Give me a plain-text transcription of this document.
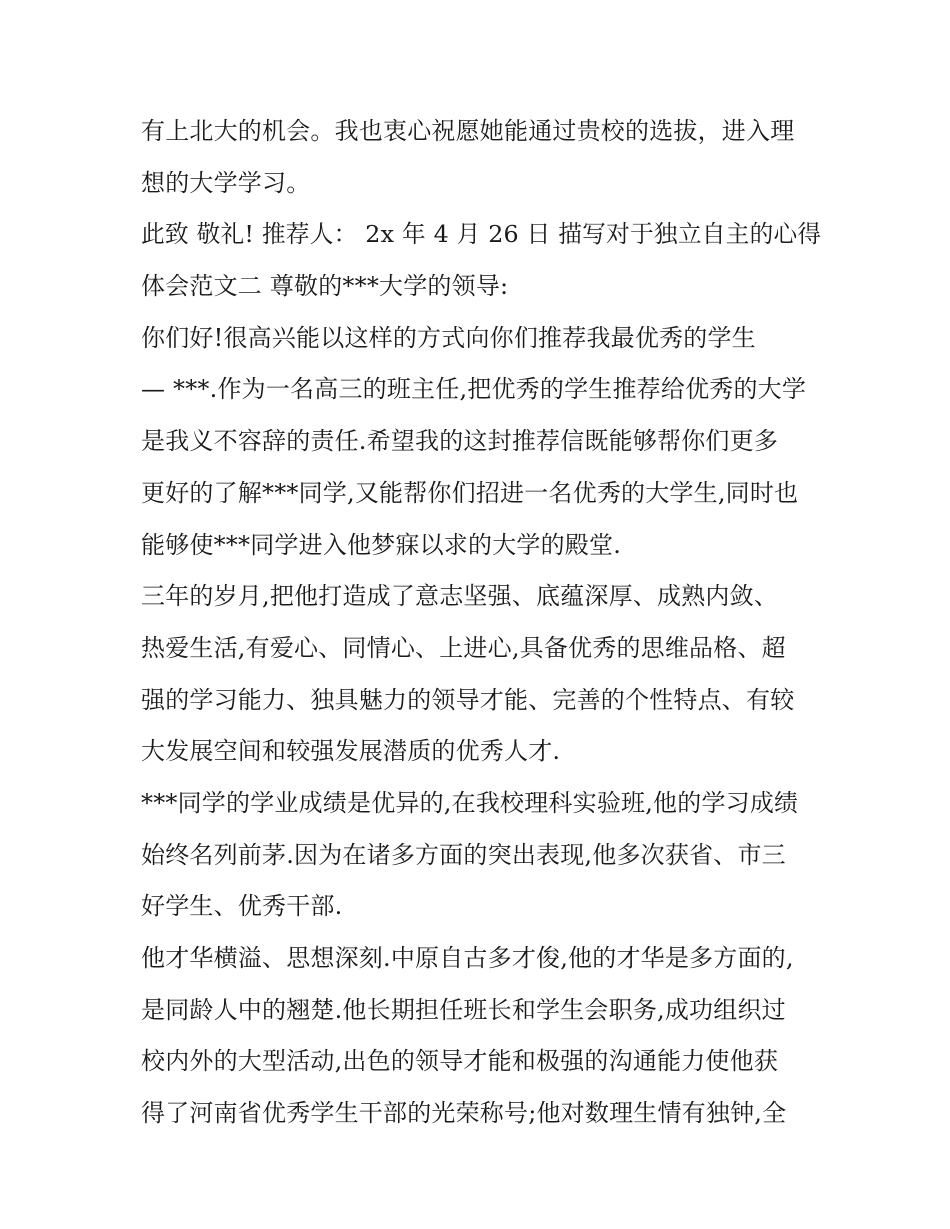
有上北大的机会。我也衷心祝愿她能通过贵校的选拔，进入理
想的大学学习。
此致 敬礼! 推荐人： 2x 年 4 月 26 日 描写对于独立自主的心得
体会范文二 尊敬的***大学的领导:
你们好!很高兴能以这样的方式向你们推荐我最优秀的学生
— ***.作为一名高三的班主任,把优秀的学生推荐给优秀的大学
是我义不容辞的责任.希望我的这封推荐信既能够帮你们更多
更好的了解***同学,又能帮你们招进一名优秀的大学生,同时也
能够使***同学进入他梦寐以求的大学的殿堂.
三年的岁月,把他打造成了意志坚强、底蕴深厚、成熟内敛、
热爱生活,有爱心、同情心、上进心,具备优秀的思维品格、超
强的学习能力、独具魅力的领导才能、完善的个性特点、有较
大发展空间和较强发展潜质的优秀人才.
***同学的学业成绩是优异的,在我校理科实验班,他的学习成绩
始终名列前茅.因为在诸多方面的突出表现,他多次获省、市三
好学生、优秀干部.
他才华横溢、思想深刻.中原自古多才俊,他的才华是多方面的,
是同龄人中的翘楚.他长期担任班长和学生会职务,成功组织过
校内外的大型活动,出色的领导才能和极强的沟通能力使他获
得了河南省优秀学生干部的光荣称号;他对数理生情有独钟,全
